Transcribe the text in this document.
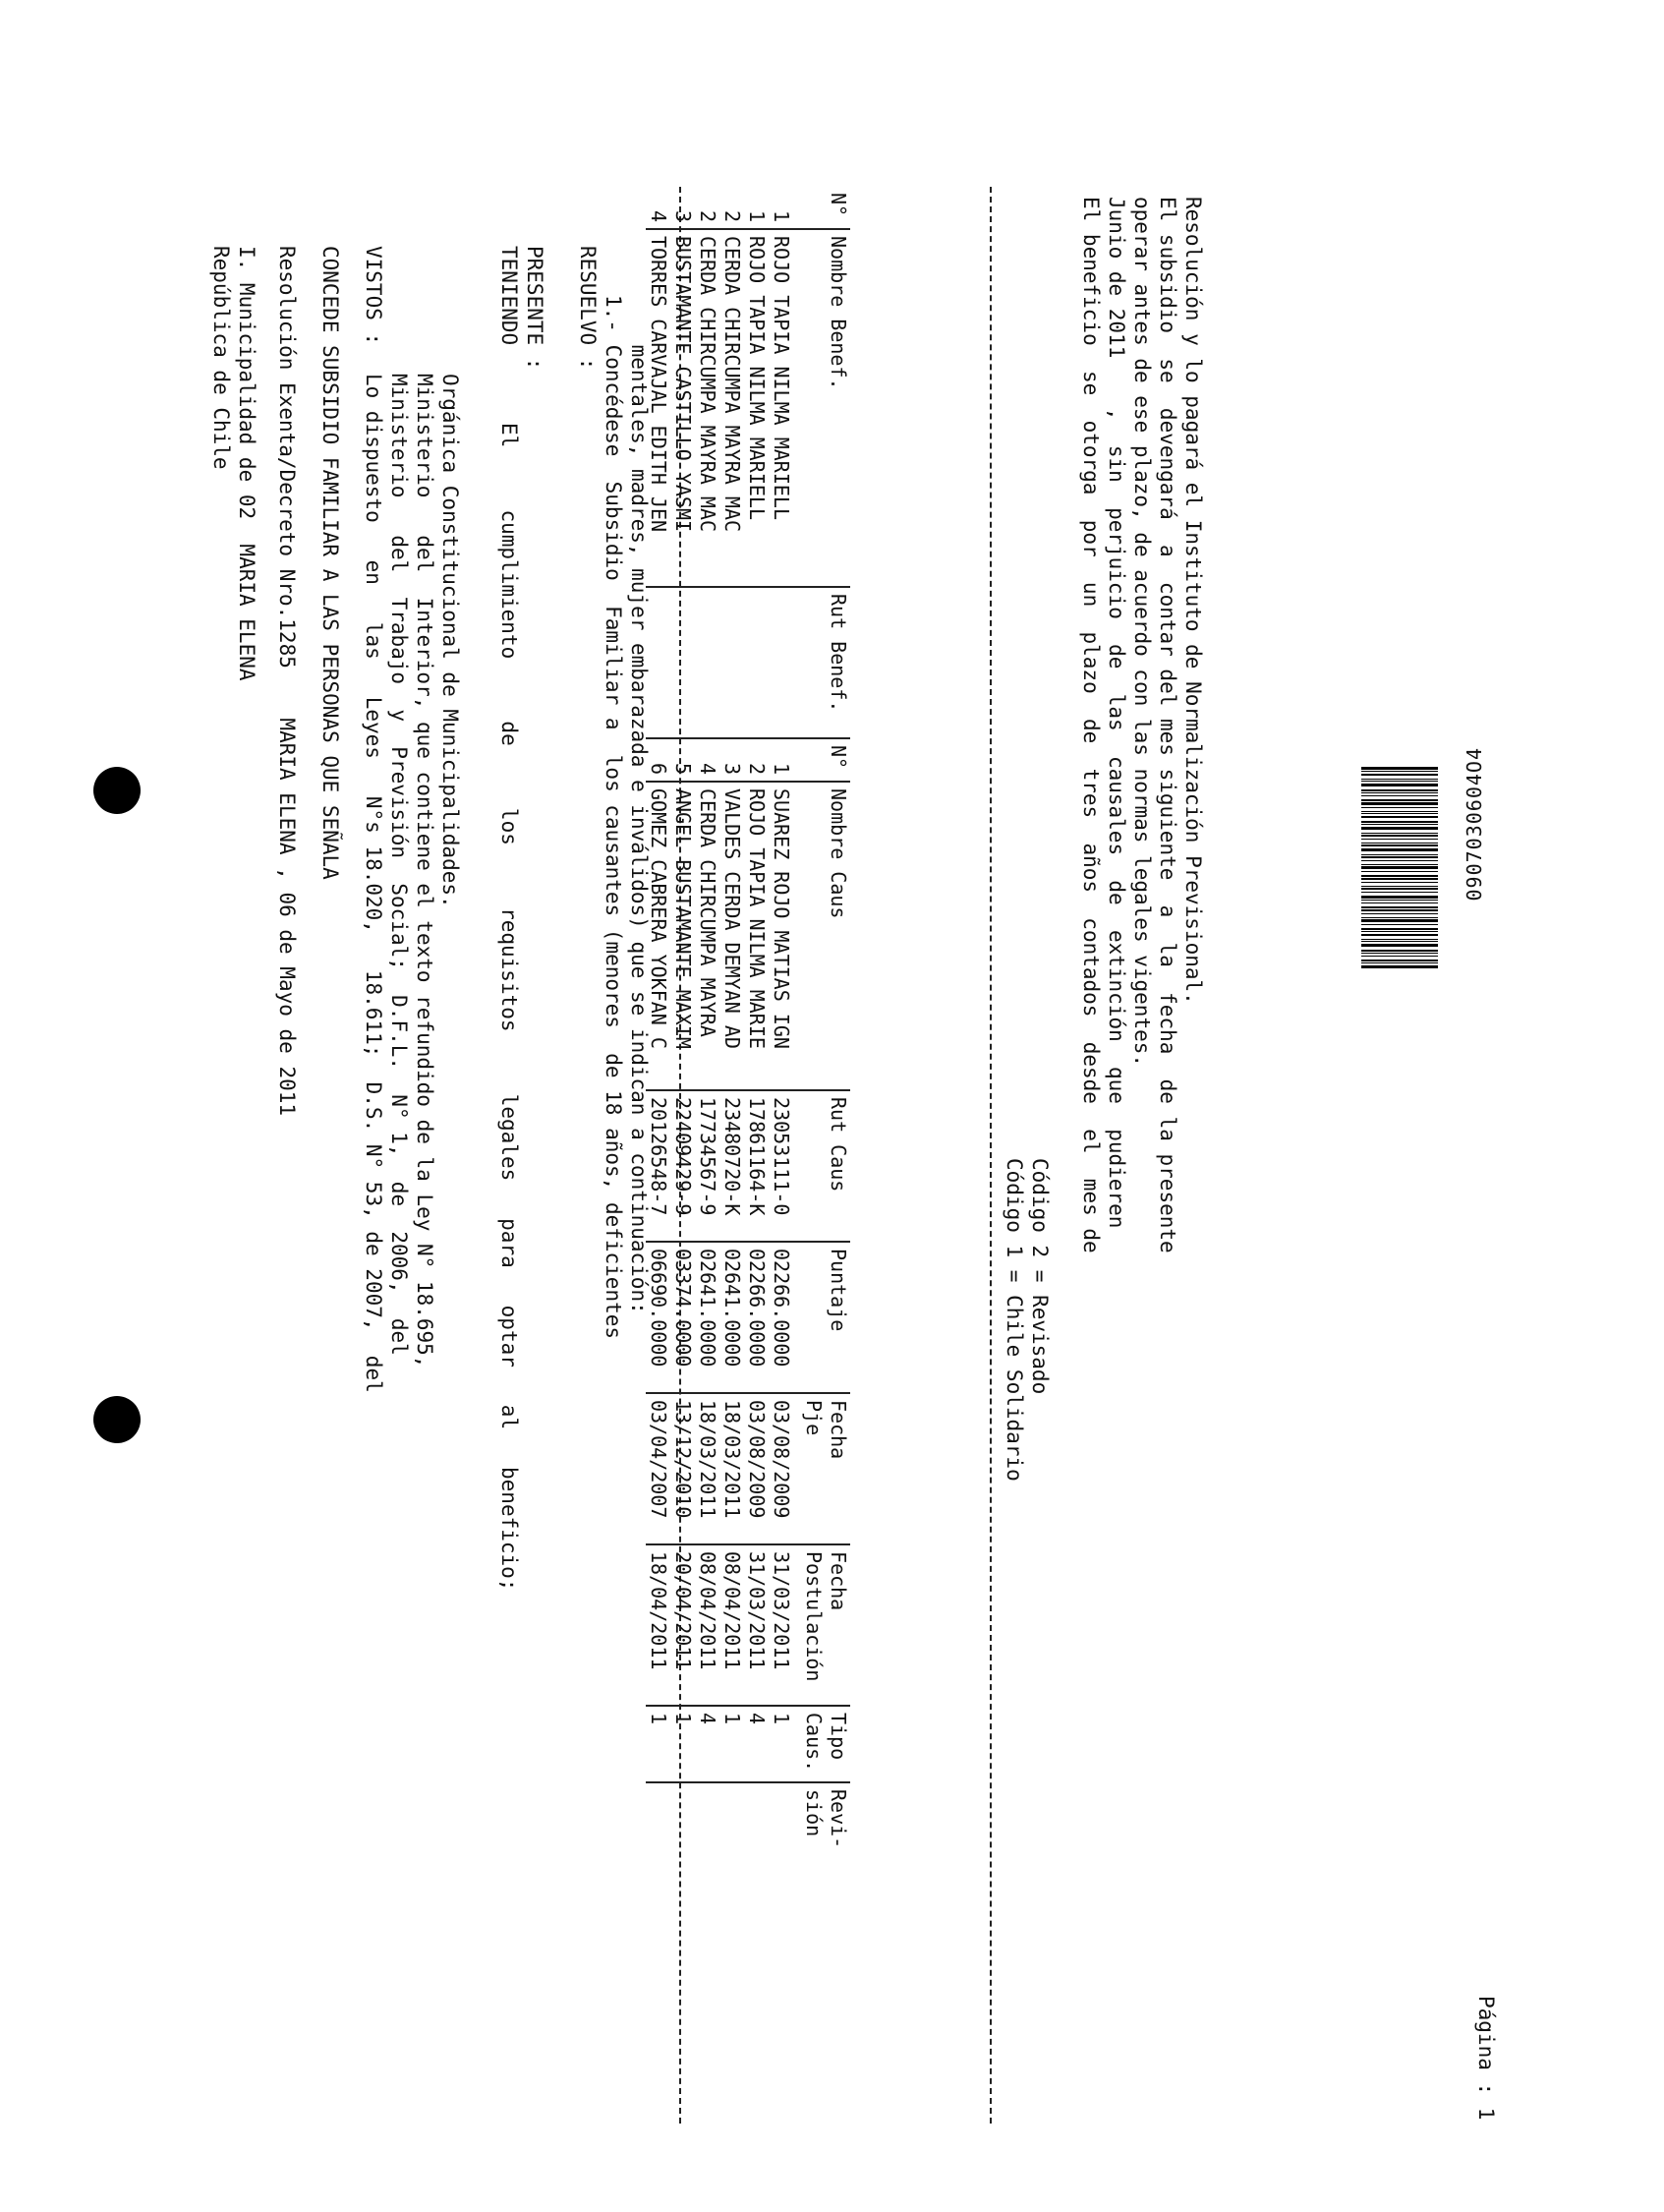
República de Chile I. Municipalidad de 02  MARIA ELENA
Página : 1
Resolución Exenta/Decreto Nro.1285    MARIA ELENA , 06 de Mayo de 2011 CONCEDE SUBSIDIO FAMILIAR A LAS PERSONAS QUE SEÑALA VISTOS :
Lo dispuesto   en   las   Leyes   N°s 18.020,   18.611;  D.S. N° 53, de 2007,  del Ministerio   del  Trabajo  y  Previsión  Social;  D.F.L.  N° 1,  de  2006,  del Ministerio   del  Interior, que contiene el texto refundido de la Ley N° 18.695, Orgánica Constitucional de Municipalidades.
TENIENDO PRESENTE :
El     cumplimiento     de     los     requisitos     legales   para   optar   al   beneficio;
RESUELVO : 1.- Concédese  Subsidio  Familiar a  los causantes (menores  de 18 años, deficientes mentales, madres, mujer embarazada e inválidos) que se indican a continuación:
N°	Nombre Benef.	Rut Benef.	N°	Nombre Caus	Rut Caus	Puntaje	Fecha
Pje	Fecha
Postulación	Tipo
Caus.	Revi-
sión
1	ROJO TAPIA NILMA MARIELL		1	SUAREZ ROJO MATIAS IGN	23053111-0	02266.0000	03/08/2009	31/03/2011	1	
1	ROJO TAPIA NILMA MARIELL		2	ROJO TAPIA NILMA MARIE	17861164-K	02266.0000	03/08/2009	31/03/2011	4	
2	CERDA CHIRCUMPA MAYRA MAC		3	VALDES CERDA DEMYAN AD	23480720-K	02641.0000	18/03/2011	08/04/2011	1	
2	CERDA CHIRCUMPA MAYRA MAC		4	CERDA CHIRCUMPA MAYRA	17734567-9	02641.0000	18/03/2011	08/04/2011	4	
3	BUSTAMANTE CASTILLO YASMI		5	ANGEL BUSTAMANTE MAXIM	22409429-9	03374.0000	13/12/2010	20/04/2011	1	
4	TORRES CARVAJAL EDITH JEN		6	GOMEZ CABRERA YOKFAN C	20126548-7	06690.0000	03/04/2007	18/04/2011	1	
Código 1 = Chile Solidario Código 2 = Revisado
El beneficio  se  otorga  por  un  plazo  de  tres  años  contados  desde  el  mes de Junio de 2011    ,  sin  perjuicio  de  las  causales  de  extinción  que  pudieren operar antes de ese plazo, de acuerdo con las normas legales vigentes. El subsidio  se  devengará  a  contar del mes siguiente  a  la  fecha  de la presente Resolución y lo pagará el Instituto de Normalización Previsional.	0907030604O4
